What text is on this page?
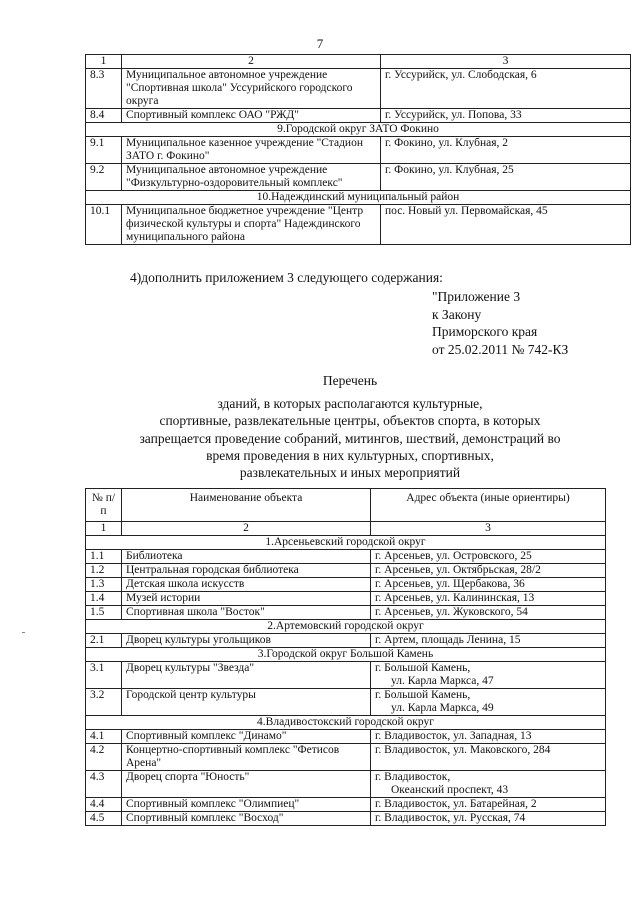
7
1	2	3
8.3	Муниципальное автономное учреждение "Спортивная школа" Уссурийского городского округа	г. Уссурийск, ул. Слободская, 6

8.4	Спортивный комплекс ОАО "РЖД"	г. Уссурийск, ул. Попова, 33

9.Городской округ ЗАТО Фокино		
9.1	Муниципальное казенное учреждение "Стадион ЗАТО г. Фокино"	г. Фокино, ул. Клубная, 2

9.2	Муниципальное автономное учреждение "Физкультурно-оздоровительный комплекс"	г. Фокино, ул. Клубная, 25

10.Надеждинский муниципальный район		
10.1	Муниципальное бюджетное учреждение "Центр физической культуры и спорта" Надеждинского муниципального района	пос. Новый ул. Первомайская, 45
4)дополнить приложением 3 следующего содержания:
"Приложение 3
к Закону
Приморского края
от 25.02.2011 № 742-КЗ
Перечень
зданий, в которых располагаются культурные,
спортивные, развлекательные центры, объектов спорта, в которых
запрещается проведение собраний, митингов, шествий, демонстраций во
время проведения в них культурных, спортивных,
развлекательных и иных мероприятий
№ п/п	Наименование объекта	Адрес объекта (иные ориентиры)
1	2	3
1.Арсеньевский городской округ		
1.1	Библиотека	г. Арсеньев, ул. Островского, 25

1.2	Центральная городская библиотека	г. Арсеньев, ул. Октябрьская, 28/2

1.3	Детская школа искусств	г. Арсеньев, ул. Щербакова, 36

1.4	Музей истории	г. Арсеньев, ул. Калининская, 13

1.5	Спортивная школа "Восток"	г. Арсеньев, ул. Жуковского, 54

2.Артемовский городской округ		
2.1	Дворец культуры угольщиков	г. Артем, площадь Ленина, 15

3.Городской округ Большой Камень		
3.1	Дворец культуры "Звезда"	г. Большой Камень,
ул. Карла Маркса, 47

3.2	Городской центр культуры	г. Большой Камень,
ул. Карла Маркса, 49

4.Владивостокский городской округ		
4.1	Спортивный комплекс "Динамо"	г. Владивосток, ул. Западная, 13

4.2	Концертно-спортивный комплекс "Фетисов Арена"	г. Владивосток, ул. Маковского, 284

4.3	Дворец спорта "Юность"	г. Владивосток,
Океанский проспект, 43

4.4	Спортивный комплекс "Олимпиец"	г. Владивосток, ул. Батарейная, 2

4.5	Спортивный комплекс "Восход"	г. Владивосток, ул. Русская, 74
